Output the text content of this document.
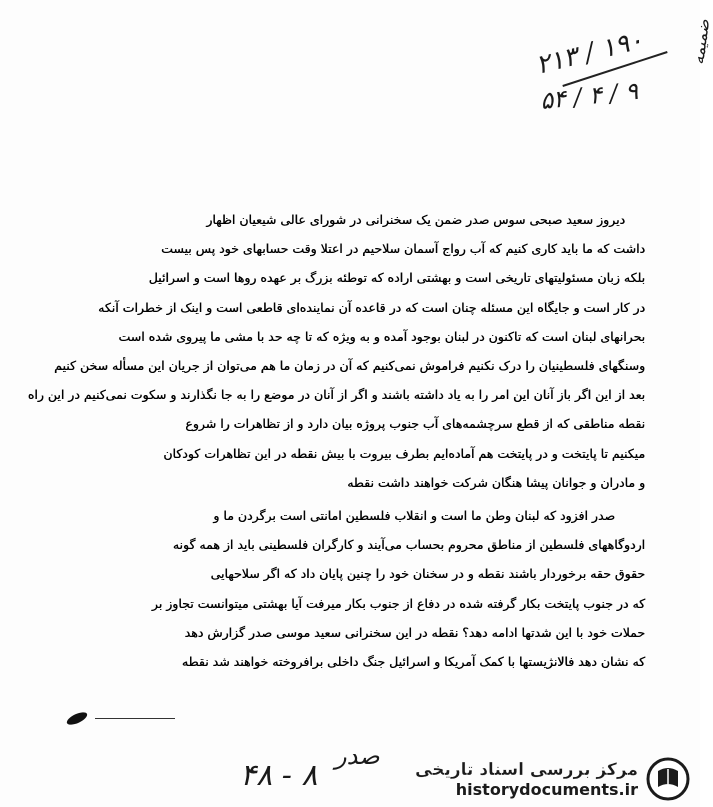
ضمیمه
۲۱۳ / ۱۹۰
۵۴ / ۴ / ۹
دیروز سعید صبحی سوس صدر ضمن یک سخنرانی در شورای عالی شیعیان اظهار
داشت که ما باید کاری کنیم که آب رواج آسمان سلاحیم در اعتلا وقت حسابهای خود پس بیست
بلکه زبان مسئولیتهای تاریخی است و بهشتی اراده که توطئه بزرگ بر عهده روها است و اسرائیل
در کار است و جایگاه این مسئله چنان است که در قاعده آن نماینده‌ای قاطعی است و اینک از خطرات آنکه
بحرانهای لبنان است که تاکنون در لبنان بوجود آمده و به ویژه که تا چه حد با مشی ما پیروی شده است
وسنگهای فلسطینیان را درک نکنیم فراموش نمی‌کنیم که آن در زمان ما هم می‌توان از جریان این مسأله سخن کنیم
بعد از این اگر باز آنان این امر را به یاد داشته باشند و اگر از آنان در موضع را به جا نگذارند و سکوت نمی‌کنیم در این راه
نقطه مناطقی که از قطع سرچشمه‌های آب جنوب پروژه بیان دارد و از تظاهرات را شروع
میکنیم تا پایتخت و در پایتخت هم آماده‌ایم بطرف بیروت با بیش نقطه در این تظاهرات کودکان
و مادران و جوانان پیشا هنگان شرکت خواهند داشت نقطه
صدر افزود که لبنان وطن ما است و انقلاب فلسطین امانتی است برگردن ما و
اردوگاههای فلسطین از مناطق محروم بحساب می‌آیند و کارگران فلسطینی باید از همه گونه
حقوق حقه برخوردار باشند نقطه و در سخنان خود را چنین پایان داد که اگر سلاحهایی
که در جنوب پایتخت بکار گرفته شده در دفاع از جنوب بکار میرفت آیا بهشتی میتوانست تجاوز بر
حملات خود با این شدتها ادامه دهد؟ نقطه در این سخنرانی سعید موسی صدر گزارش دهد
که نشان دهد فالانژیستها با کمک آمریکا و اسرائیل جنگ داخلی برافروخته خواهند شد نقطه
صدر
۴۸ - ۸	مرکز بررسی اسناد تاریخی
historydocuments.ir
